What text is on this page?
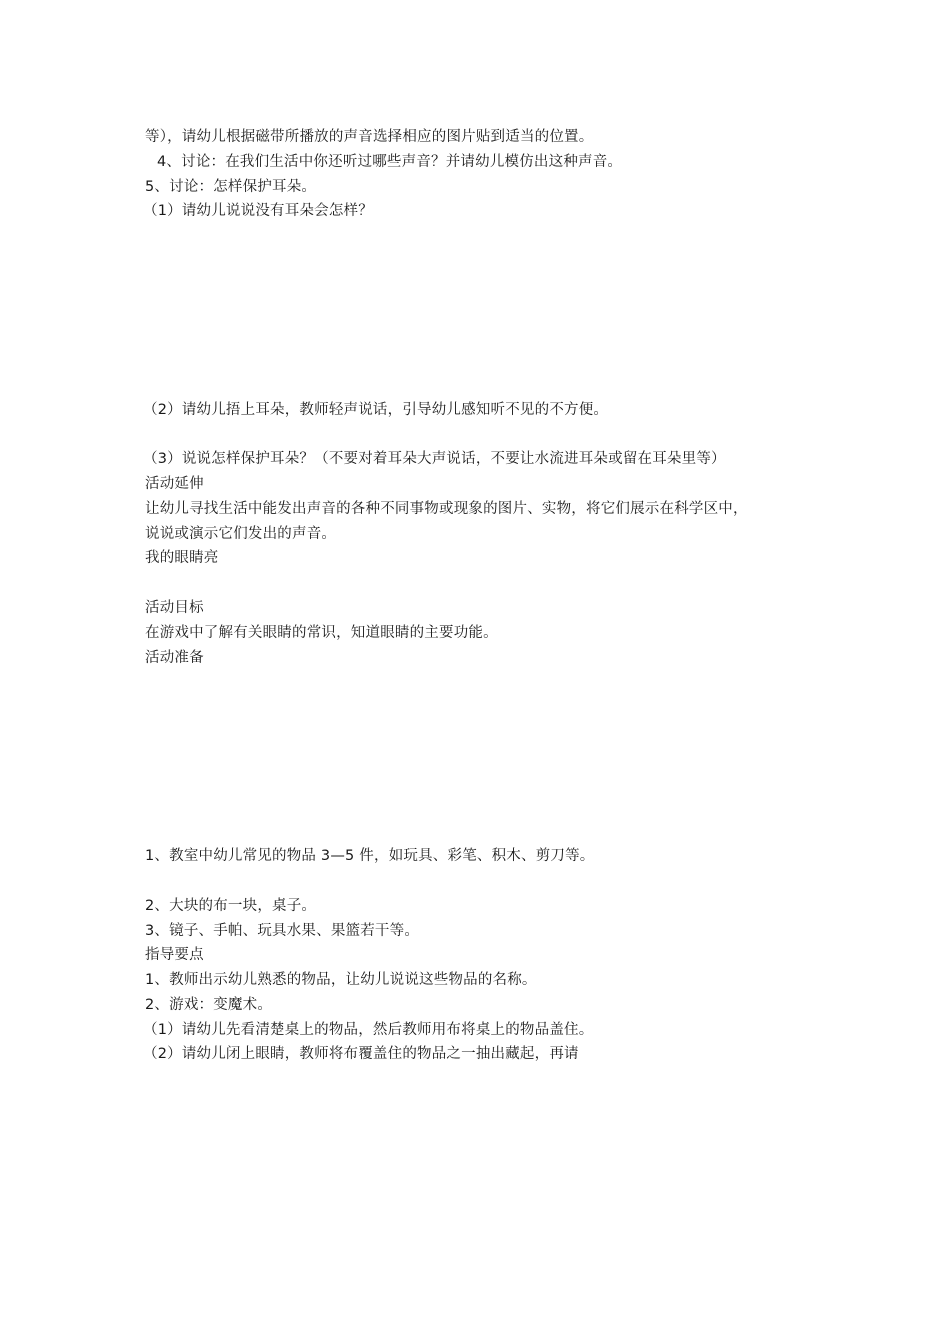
等），请幼儿根据磁带所播放的声音选择相应的图片贴到适当的位置。
4、讨论：在我们生活中你还听过哪些声音？并请幼儿模仿出这种声音。
5、讨论：怎样保护耳朵。
（1）请幼儿说说没有耳朵会怎样？
（2）请幼儿捂上耳朵，教师轻声说话，引导幼儿感知听不见的不方便。
（3）说说怎样保护耳朵？（不要对着耳朵大声说话，不要让水流进耳朵或留在耳朵里等）
活动延伸
让幼儿寻找生活中能发出声音的各种不同事物或现象的图片、实物，将它们展示在科学区中，
说说或演示它们发出的声音。
我的眼睛亮
活动目标
在游戏中了解有关眼睛的常识，知道眼睛的主要功能。
活动准备
1、教室中幼儿常见的物品 3—5 件，如玩具、彩笔、积木、剪刀等。
2、大块的布一块，桌子。
3、镜子、手帕、玩具水果、果篮若干等。
指导要点
1、教师出示幼儿熟悉的物品，让幼儿说说这些物品的名称。
2、游戏：变魔术。
（1）请幼儿先看清楚桌上的物品，然后教师用布将桌上的物品盖住。
（2）请幼儿闭上眼睛，教师将布覆盖住的物品之一抽出藏起，再请
